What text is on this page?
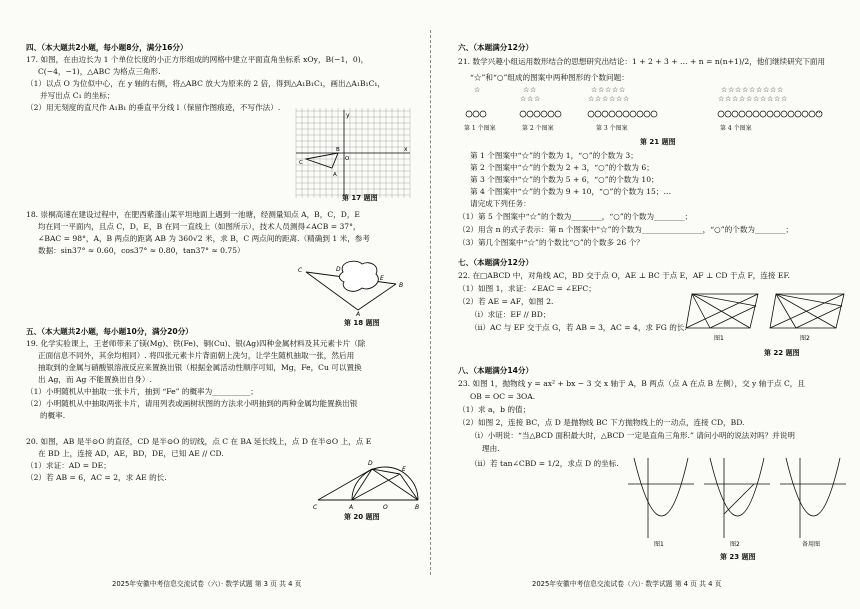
四、（本大题共2小题，每小题8分，满分16分）
17. 如图，在由边长为 1 个单位长度的小正方形组成的网格中建立平面直角坐标系 xOy，B(−1，0)，
C(−4，−1)，△ABC 为格点三角形.
（1）以点 O 为位似中心，在 y 轴的右侧，将△ABC 放大为原来的 2 倍，得到△A₁B₁C₁，画出△A₁B₁C₁，
并写出点 C₁ 的坐标；
（2）用无刻度的直尺作 A₁B₁ 的垂直平分线 l（保留作图痕迹，不写作法）.
y
x
O
C
B
A
第 17 题图
18. 崇桐高速在建设过程中，在肥西紫蓬山某平坦地面上遇到一池塘，经测量知点 A，B，C，D，E
均在同一平面内，且点 C，D，E，B 在同一直线上（如图所示），技术人员测得∠ACB = 37°，
∠BAC = 98°，A，B 两点的距离 AB 为 360√2 米，求 B，C 两点间的距离.（精确到 1 米，参考
数据：sin37° ≈ 0.60，cos37° ≈ 0.80，tan37° ≈ 0.75）
C	D
E
B
A
第 18 题图
五、（本大题共2小题，每小题10分，满分20分）
19. 化学实验课上，王老师带来了镁(Mg)、铁(Fe)、铜(Cu)、银(Ag)四种金属材料及其元素卡片（除
正面信息不同外，其余均相同）. 将四张元素卡片背面朝上洗匀，让学生随机抽取一张，然后用
抽取到的金属与硝酸银溶液反应来置换出银（根据金属活动性顺序可知，Mg，Fe，Cu 可以置换
出 Ag，而 Ag 不能置换出自身）.
（1）小明随机从中抽取一张卡片，抽到 “Fe” 的概率为__________；
（2）小明随机从中抽取两张卡片，请用列表或画树状图的方法求小明抽到的两种金属均能置换出银
的概率.
20. 如图，AB 是半⊙O 的直径，CD 是半⊙O 的切线，点 C 在 BA 延长线上，点 D 在半⊙O 上，点 E
在 BD 上，连接 AD，AE，BD，DE，已知 AE // CD.
（1）求证：AD = DE；
（2）若 AB = 6，AC = 2，求 AE 的长.
D
E
C	A	O	B
第 20 题图
2025年安徽中考信息交流试卷（六）· 数学试题 第 3 页 共 4 页
六、（本题满分12分）
21. 数学兴趣小组运用数形结合的思想研究出结论：1 + 2 + 3 + … + n = n(n+1)/2，他们继续研究下面用
“☆”和“○”组成的图案中两种图形的个数问题：
☆	☆ ☆
☆ ☆ ☆
☆ ☆ ☆ ☆ ☆
☆ ☆ ☆ ☆ ☆ ☆
☆ ☆ ☆ ☆ ☆ ☆ ☆ ☆ ☆
☆ ☆ ☆ ☆ ☆ ☆ ☆ ☆ ☆ ☆
第 1 个图案	第 2 个图案	第 3 个图案	第 4 个图案
…
第 21 题图
第 1 个图案中“☆”的个数为 1，“○”的个数为 3；
第 2 个图案中“☆”的个数为 2 + 3，“○”的个数为 6；
第 3 个图案中“☆”的个数为 5 + 6，“○”的个数为 10；
第 4 个图案中“☆”的个数为 9 + 10，“○”的个数为 15；…
请完成下列任务：
（1）第 5 个图案中“☆”的个数为________，“○”的个数为________；
（2）用含 n 的式子表示：第 n 个图案中“☆”的个数为________________，“○”的个数为________；
（3）第几个图案中“☆”的个数比“○”的个数多 26 个？
七、（本题满分12分）
22. 在□ABCD 中，对角线 AC，BD 交于点 O，AE ⊥ BC 于点 E，AF ⊥ CD 于点 F，连接 EF.
（1）如图 1，求证：∠EAC = ∠EFC；
（2）若 AE = AF，如图 2.
（i）求证：EF // BD；
（ii）AC 与 EF 交于点 G，若 AB = 3，AC = 4，求 FG 的长.
图1	图2
第 22 题图
八、（本题满分14分）
23. 如图 1，抛物线 y = ax² + bx − 3 交 x 轴于 A，B 两点（点 A 在点 B 左侧），交 y 轴于点 C，且
OB = OC = 3OA.
（1）求 a，b 的值；
（2）如图 2，连接 BC，点 D 是抛物线 BC 下方抛物线上的一动点，连接 CD，BD.
（i）小明说：“当△BCD 面积最大时，△BCD 一定是直角三角形.” 请问小明的说法对吗？并说明
理由.
（ii）若 tan∠CBD = 1/2，求点 D 的坐标.
图1	图2	备用图
第 23 题图
2025年安徽中考信息交流试卷（六）· 数学试题 第 4 页 共 4 页
